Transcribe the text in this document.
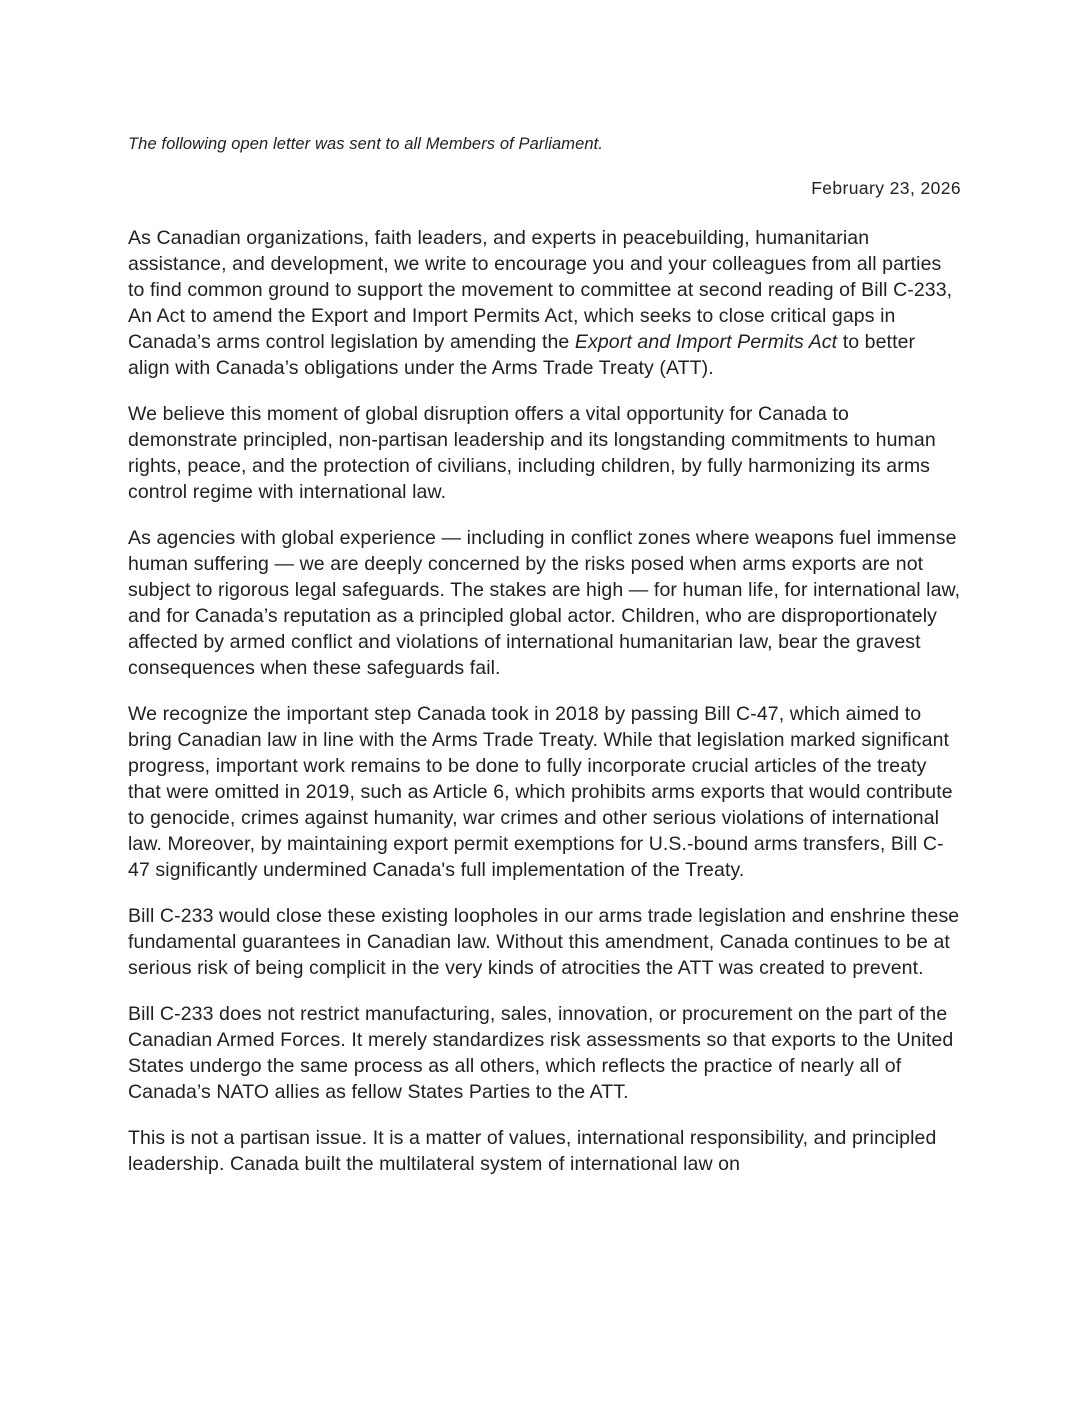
The following open letter was sent to all Members of Parliament.

February 23, 2026

As Canadian organizations, faith leaders, and experts in peacebuilding, humanitarian assistance, and development, we write to encourage you and your colleagues from all parties to find common ground to support the movement to committee at second reading of Bill C-233, An Act to amend the Export and Import Permits Act, which seeks to close critical gaps in Canada’s arms control legislation by amending the Export and Import Permits Act to better align with Canada’s obligations under the Arms Trade Treaty (ATT).

We believe this moment of global disruption offers a vital opportunity for Canada to demonstrate principled, non-partisan leadership and its longstanding commitments to human rights, peace, and the protection of civilians, including children, by fully harmonizing its arms control regime with international law.

As agencies with global experience — including in conflict zones where weapons fuel immense human suffering — we are deeply concerned by the risks posed when arms exports are not subject to rigorous legal safeguards. The stakes are high — for human life, for international law, and for Canada’s reputation as a principled global actor. Children, who are disproportionately affected by armed conflict and violations of international humanitarian law, bear the gravest consequences when these safeguards fail.

We recognize the important step Canada took in 2018 by passing Bill C-47, which aimed to bring Canadian law in line with the Arms Trade Treaty. While that legislation marked significant progress, important work remains to be done to fully incorporate crucial articles of the treaty that were omitted in 2019, such as Article 6, which prohibits arms exports that would contribute to genocide, crimes against humanity, war crimes and other serious violations of international law. Moreover, by maintaining export permit exemptions for U.S.-bound arms transfers, Bill C-47 significantly undermined Canada's full implementation of the Treaty.

Bill C-233 would close these existing loopholes in our arms trade legislation and enshrine these fundamental guarantees in Canadian law. Without this amendment, Canada continues to be at serious risk of being complicit in the very kinds of atrocities the ATT was created to prevent.

Bill C-233 does not restrict manufacturing, sales, innovation, or procurement on the part of the Canadian Armed Forces. It merely standardizes risk assessments so that exports to the United States undergo the same process as all others, which reflects the practice of nearly all of Canada’s NATO allies as fellow States Parties to the ATT.

This is not a partisan issue. It is a matter of values, international responsibility, and principled leadership. Canada built the multilateral system of international law on
